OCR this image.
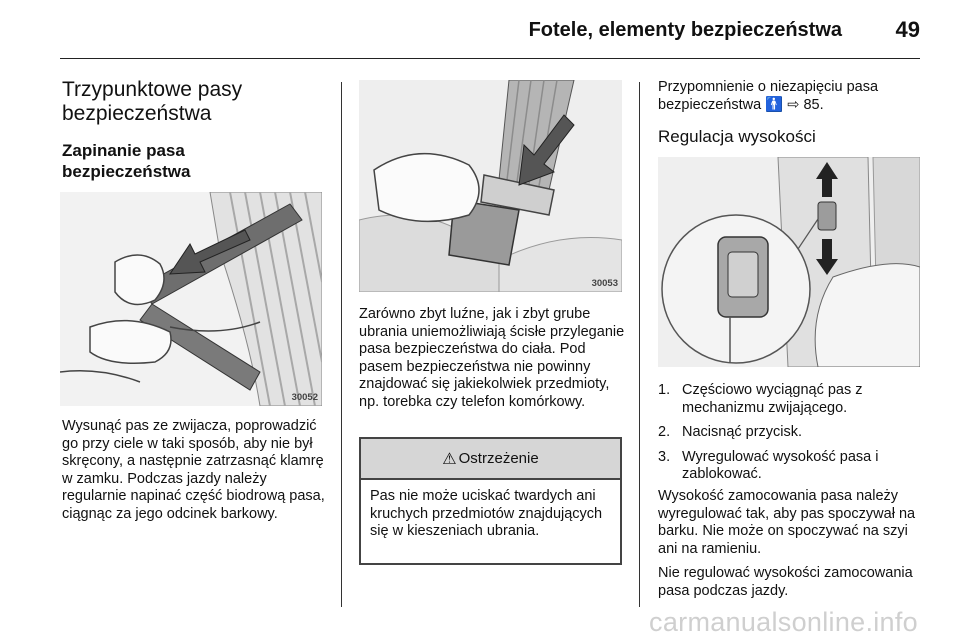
Fotele, elementy bezpieczeństwa 49
Trzypunktowe pasy bezpieczeństwa
Zapinanie pasa bezpieczeństwa
30052
Wysunąć pas ze zwijacza, poprowadzić go przy ciele w taki sposób, aby nie był skręcony, a następnie zatrzasnąć klamrę w zamku. Podczas jazdy należy regularnie napinać część biodrową pasa, ciągnąc za jego odcinek barkowy.
30053
Zarówno zbyt luźne, jak i zbyt grube ubrania uniemożliwiają ścisłe przyleganie pasa bezpieczeństwa do ciała. Pod pasem bezpieczeństwa nie powinny znajdować się jakiekolwiek przedmioty, np. torebka czy telefon komórkowy.
⚠ Ostrzeżenie
Pas nie może uciskać twardych ani kruchych przedmiotów znajdujących się w kieszeniach ubrania.
Przypomnienie o niezapięciu pasa bezpieczeństwa 🚹 ⇨ 85.
Regulacja wysokości
1. Częściowo wyciągnąć pas z mechanizmu zwijającego.
2. Nacisnąć przycisk.
3. Wyregulować wysokość pasa i zablokować.
Wysokość zamocowania pasa należy wyregulować tak, aby pas spoczywał na barku. Nie może on spoczywać na szyi ani na ramieniu.
Nie regulować wysokości zamocowania pasa podczas jazdy.
carmanualsonline.info
